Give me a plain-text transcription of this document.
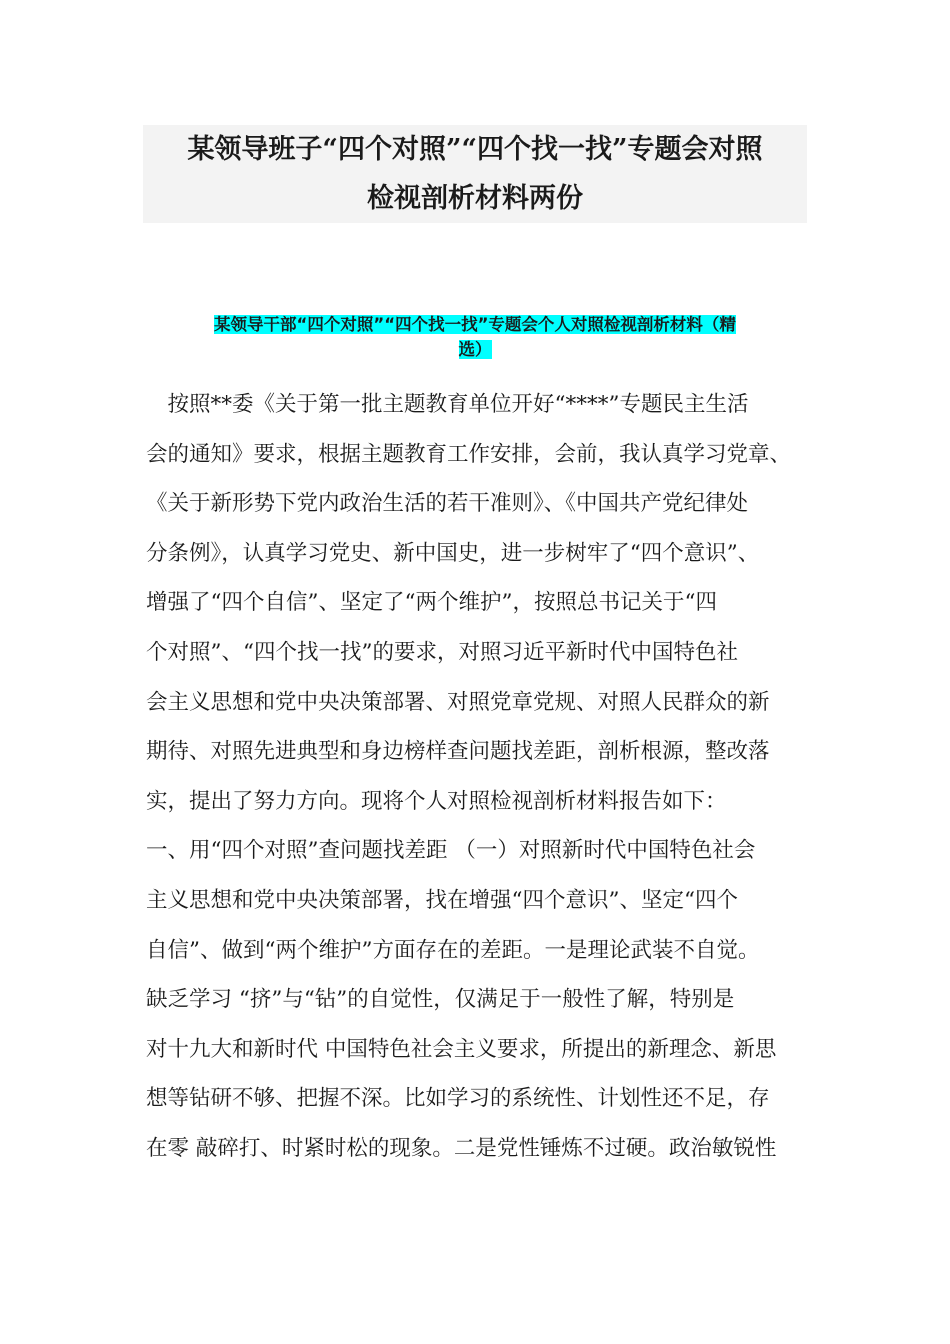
某领导班子“四个对照”“四个找一找”专题会对照
检视剖析材料两份
某领导干部“四个对照”“四个找一找”专题会个人对照检视剖析材料（精
选）
　按照**委《关于第一批主题教育单位开好“****”专题民主生活
会的通知》要求，根据主题教育工作安排，会前，我认真学习党章、
《关于新形势下党内政治生活的若干准则》、《中国共产党纪律处
分条例》，认真学习党史、新中国史，进一步树牢了“四个意识”、
增强了“四个自信”、坚定了“两个维护”，按照总书记关于“四
个对照”、“四个找一找”的要求，对照习近平新时代中国特色社
会主义思想和党中央决策部署、对照党章党规、对照人民群众的新
期待、对照先进典型和身边榜样查问题找差距，剖析根源，整改落
实，提出了努力方向。现将个人对照检视剖析材料报告如下：
一、用“四个对照”查问题找差距 （一）对照新时代中国特色社会
主义思想和党中央决策部署，找在增强“四个意识”、坚定“四个
自信”、做到“两个维护”方面存在的差距。一是理论武装不自觉。
缺乏学习 “挤”与“钻”的自觉性，仅满足于一般性了解，特别是
对十九大和新时代 中国特色社会主义要求，所提出的新理念、新思
想等钻研不够、把握不深。比如学习的系统性、计划性还不足，存
在零 敲碎打、时紧时松的现象。二是党性锤炼不过硬。政治敏锐性
